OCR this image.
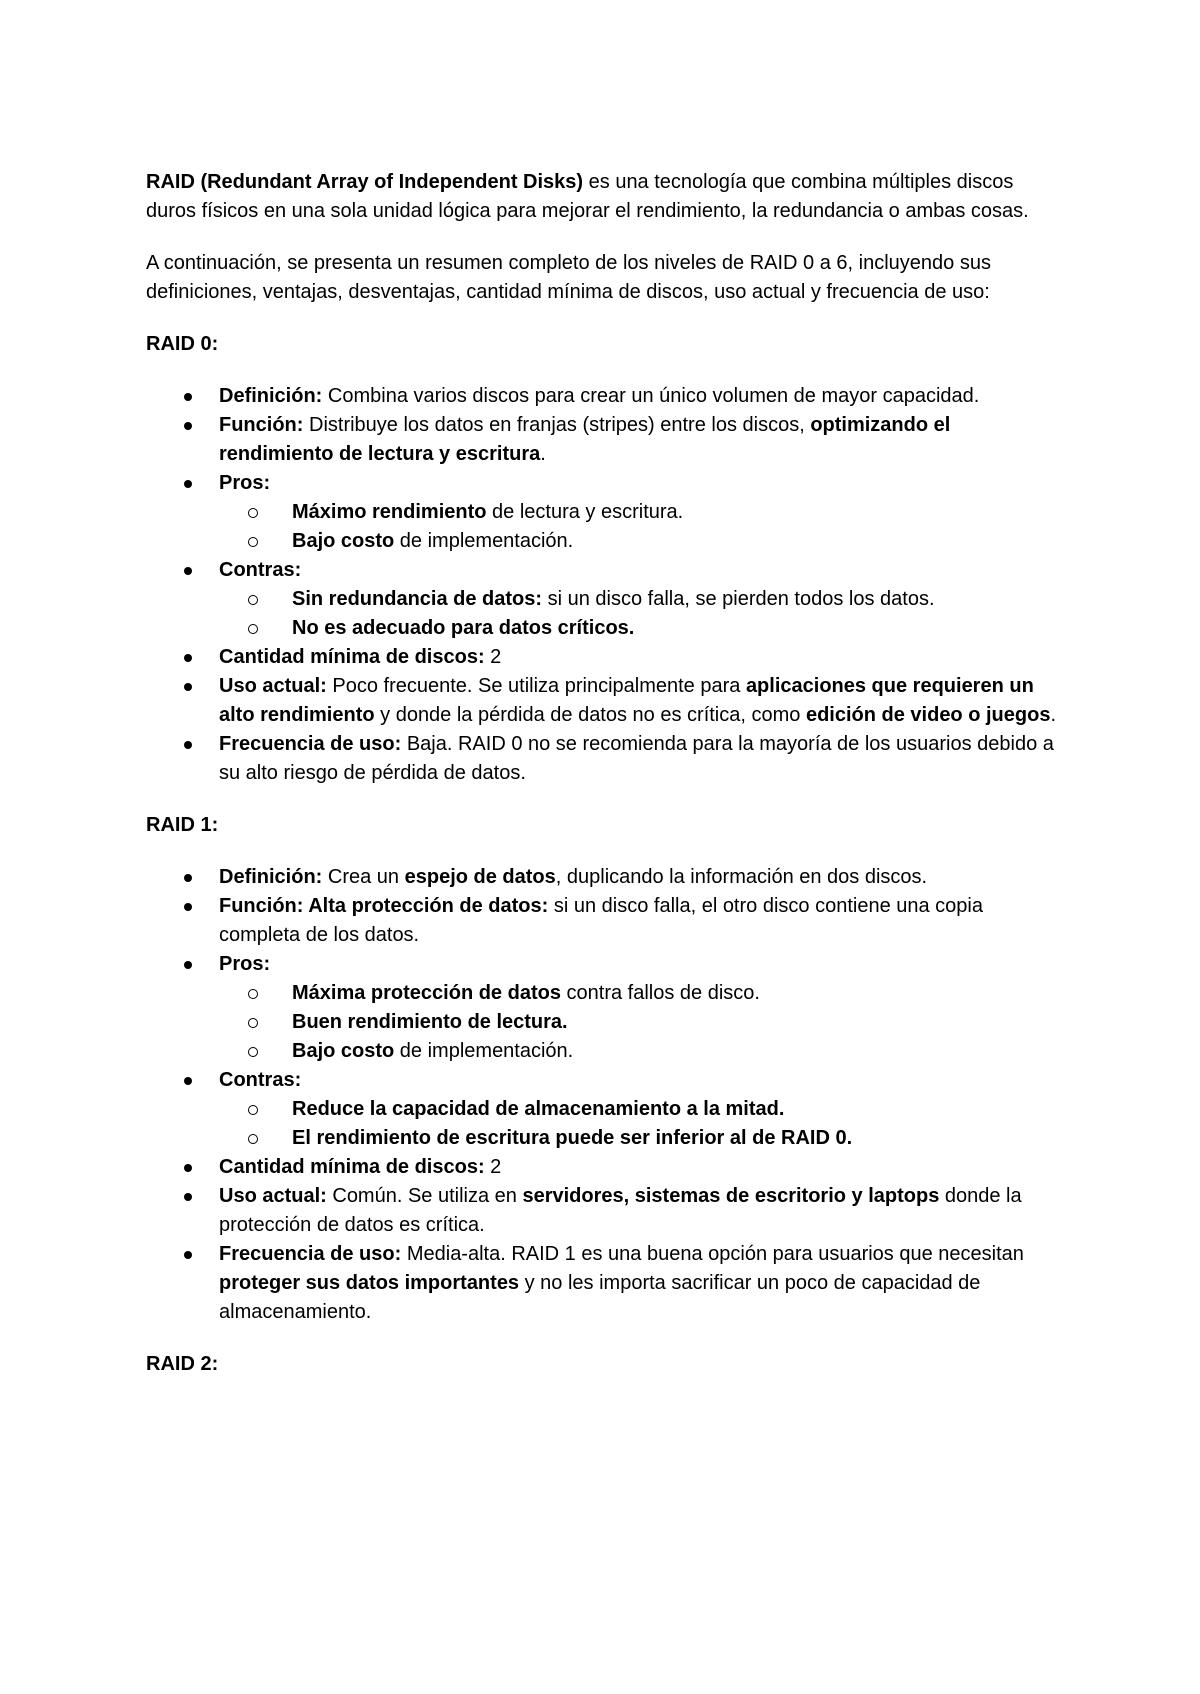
RAID (Redundant Array of Independent Disks) es una tecnología que combina múltiples discos duros físicos en una sola unidad lógica para mejorar el rendimiento, la redundancia o ambas cosas.

A continuación, se presenta un resumen completo de los niveles de RAID 0 a 6, incluyendo sus definiciones, ventajas, desventajas, cantidad mínima de discos, uso actual y frecuencia de uso:

RAID 0:

Definición: Combina varios discos para crear un único volumen de mayor capacidad.
Función: Distribuye los datos en franjas (stripes) entre los discos, optimizando el rendimiento de lectura y escritura.
Pros:
Máximo rendimiento de lectura y escritura.
Bajo costo de implementación.
Contras:
Sin redundancia de datos: si un disco falla, se pierden todos los datos.
No es adecuado para datos críticos.
Cantidad mínima de discos: 2
Uso actual: Poco frecuente. Se utiliza principalmente para aplicaciones que requieren un alto rendimiento y donde la pérdida de datos no es crítica, como edición de video o juegos.
Frecuencia de uso: Baja. RAID 0 no se recomienda para la mayoría de los usuarios debido a su alto riesgo de pérdida de datos.

RAID 1:

Definición: Crea un espejo de datos, duplicando la información en dos discos.
Función: Alta protección de datos: si un disco falla, el otro disco contiene una copia completa de los datos.
Pros:
Máxima protección de datos contra fallos de disco.
Buen rendimiento de lectura.
Bajo costo de implementación.
Contras:
Reduce la capacidad de almacenamiento a la mitad.
El rendimiento de escritura puede ser inferior al de RAID 0.
Cantidad mínima de discos: 2
Uso actual: Común. Se utiliza en servidores, sistemas de escritorio y laptops donde la protección de datos es crítica.
Frecuencia de uso: Media-alta. RAID 1 es una buena opción para usuarios que necesitan proteger sus datos importantes y no les importa sacrificar un poco de capacidad de almacenamiento.

RAID 2:
